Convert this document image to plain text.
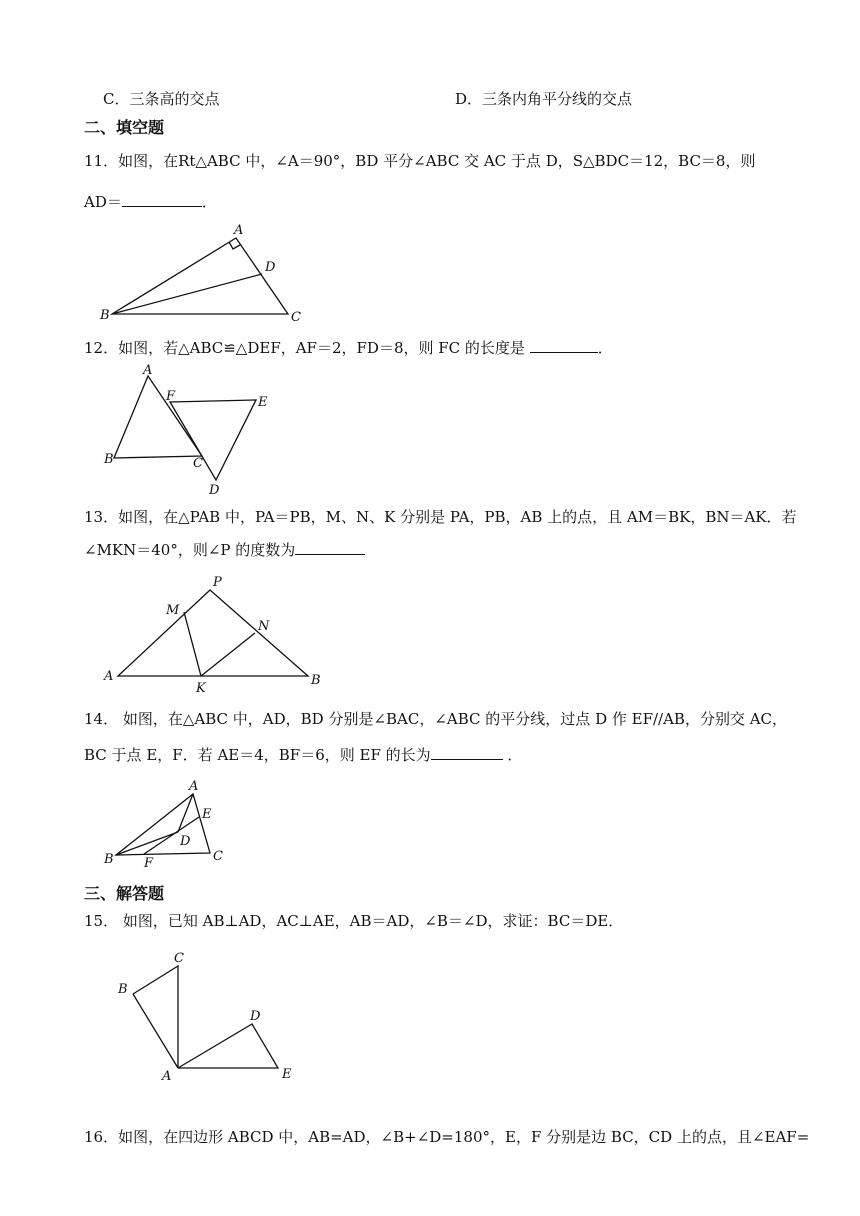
C．三条高的交点	D．三条内角平分线的交点
二、填空题
11．如图，在Rt△ABC 中，∠A＝90°，BD 平分∠ABC 交 AC 于点 D，S△BDC＝12，BC＝8，则
AD＝	．
A
B	C
D
12．如图，若△ABC≌△DEF，AF＝2，FD＝8，则 FC 的长度是	．
A
B	C
D
E
F
13．如图，在△PAB 中，PA＝PB，M、N、K 分别是 PA，PB，AB 上的点，且 AM＝BK，BN＝AK．若
∠MKN＝40°，则∠P 的度数为
P
A	B
M
N
K
14． 如图，在△ABC 中，AD，BD 分别是∠BAC，∠ABC 的平分线，过点 D 作 EF//AB，分别交 AC，
BC 于点 E，F．若 AE＝4，BF＝6，则 EF 的长为	．
A
B	C
D
E
F
三、解答题
15． 如图，已知 AB⊥AD，AC⊥AE，AB＝AD，∠B＝∠D，求证：BC＝DE．
C
B
A
D
E
16．如图，在四边形 ABCD 中，AB=AD，∠B+∠D=180°，E，F 分别是边 BC，CD 上的点，且∠EAF=
